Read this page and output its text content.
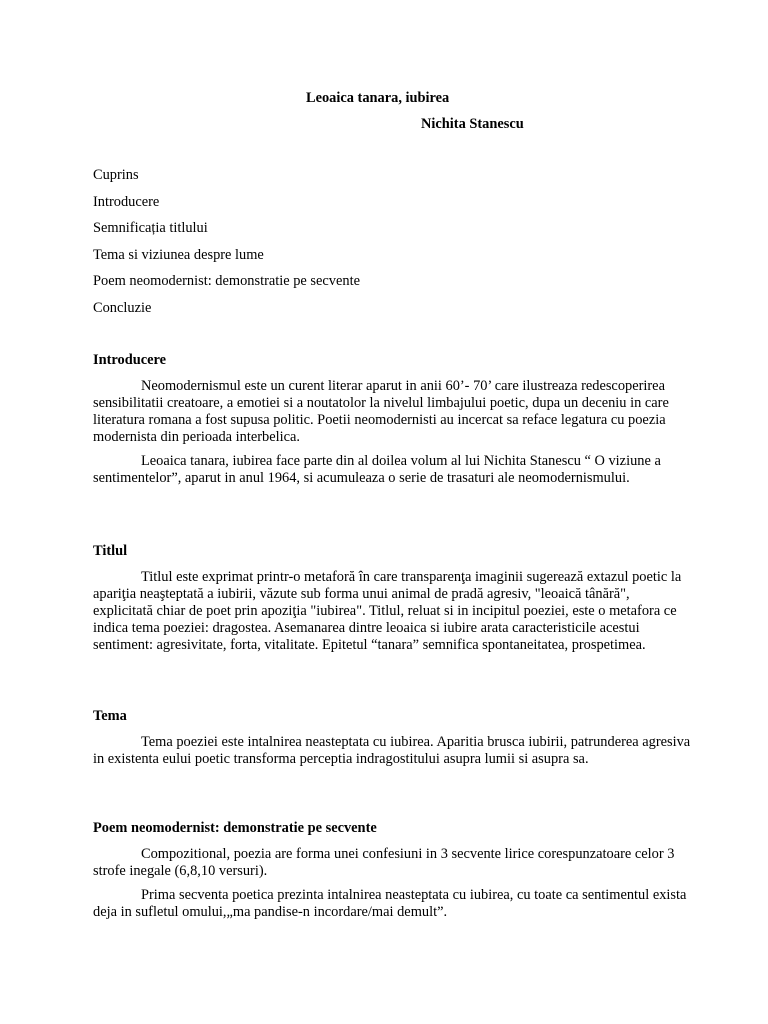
Leoaica tanara, iubirea

Nichita Stanescu

Cuprins
Introducere
Semnificația titlului
Tema si viziunea despre lume
Poem neomodernist: demonstratie pe secvente
Concluzie
Introducere

Neomodernismul este un curent literar aparut in anii 60’- 70’ care ilustreaza redescoperirea sensibilitatii creatoare, a emotiei si a noutatolor la nivelul limbajului poetic, dupa un deceniu in care literatura romana a fost supusa politic. Poetii neomodernisti au incercat sa reface legatura cu poezia modernista din perioada interbelica.

Leoaica tanara, iubirea face parte din al doilea volum al lui Nichita Stanescu “ O viziune a sentimentelor”, aparut in anul 1964, si acumuleaza o serie de trasaturi ale neomodernismului.

Titlul

Titlul este exprimat printr-o metaforă în care transparenţa imaginii sugerează extazul poetic la apariţia neaşteptată a iubirii, văzute sub forma unui animal de pradă agresiv, "leoaică tânără", explicitată chiar de poet prin apoziţia "iubirea". Titlul, reluat si in incipitul poeziei, este o metafora ce indica tema poeziei: dragostea. Asemanarea dintre leoaica si iubire arata caracteristicile acestui sentiment: agresivitate, forta, vitalitate. Epitetul “tanara” semnifica spontaneitatea, prospetimea.

Tema

Tema poeziei este intalnirea neasteptata cu iubirea. Aparitia brusca iubirii, patrunderea agresiva in existenta eului poetic transforma perceptia indragostitului asupra lumii si asupra sa.

Poem neomodernist: demonstratie pe secvente

Compozitional, poezia are forma unei confesiuni in 3 secvente lirice corespunzatoare celor 3 strofe inegale (6,8,10 versuri).

Prima secventa poetica prezinta intalnirea neasteptata cu iubirea, cu toate ca sentimentul exista deja in sufletul omului,„ma pandise-n incordare/mai demult”.
